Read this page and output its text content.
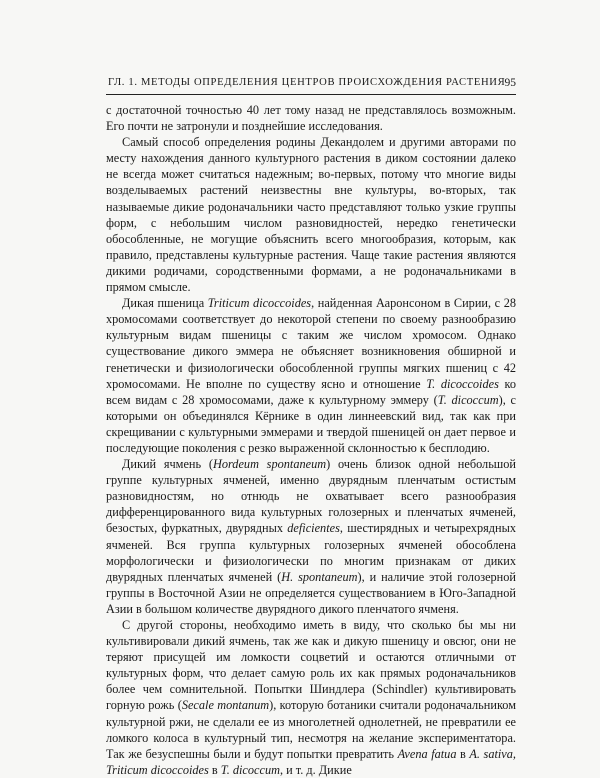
ГЛ. 1. МЕТОДЫ ОПРЕДЕЛЕНИЯ ЦЕНТРОВ ПРОИСХОЖДЕНИЯ РАСТЕНИЯ 95

с достаточной точностью 40 лет тому назад не представлялось возможным. Его почти не затронули и позднейшие исследования.

Самый способ определения родины Декандолем и другими авторами по месту нахождения данного культурного растения в диком состоянии далеко не всегда может считаться надежным; во-первых, потому что многие виды возделываемых растений неизвестны вне культуры, во-вторых, так называемые дикие родоначальники часто представляют только узкие группы форм, с небольшим числом разновидностей, нередко генетически обособленные, не могущие объяснить всего многообразия, которым, как правило, представлены культурные растения. Чаще такие растения являются дикими родичами, сородственными формами, а не родоначальниками в прямом смысле.

Дикая пшеница Triticum dicoccoides, найденная Ааронсоном в Сирии, с 28 хромосомами соответствует до некоторой степени по своему разнообразию культурным видам пшеницы с таким же числом хромосом. Однако существование дикого эммера не объясняет возникновения обширной и генетически и физиологически обособленной группы мягких пшениц с 42 хромосомами. Не вполне по существу ясно и отношение T. dicoccoides ко всем видам с 28 хромосомами, даже к культурному эммеру (T. dicoccum), с которыми он объединялся Кёрнике в один линнеевский вид, так как при скрещивании с культурными эммерами и твердой пшеницей он дает первое и последующие поколения с резко выраженной склонностью к бесплодию.

Дикий ячмень (Hordeum spontaneum) очень близок одной небольшой группе культурных ячменей, именно двурядным пленчатым остистым разновидностям, но отнюдь не охватывает всего разнообразия дифференцированного вида культурных голозерных и пленчатых ячменей, безостых, фуркатных, двурядных deficientes, шестирядных и четырехрядных ячменей. Вся группа культурных голозерных ячменей обособлена морфологически и физиологически по многим признакам от диких двурядных пленчатых ячменей (H. spontaneum), и наличие этой голозерной группы в Восточной Азии не определяется существованием в Юго-Западной Азии в большом количестве двурядного дикого пленчатого ячменя.

С другой стороны, необходимо иметь в виду, что сколько бы мы ни культивировали дикий ячмень, так же как и дикую пшеницу и овсюг, они не теряют присущей им ломкости соцветий и остаются отличными от культурных форм, что делает самую роль их как прямых родоначальников более чем сомнительной. Попытки Шиндлера (Schindler) культивировать горную рожь (Secale montanum), которую ботаники считали родоначальником культурной ржи, не сделали ее из многолетней однолетней, не превратили ее ломкого колоса в культурный тип, несмотря на желание экспериментатора. Так же безуспешны были и будут попытки превратить Avena fatua в A. sativa, Triticum dicoccoides в T. dicoccum, и т. д. Дикие
